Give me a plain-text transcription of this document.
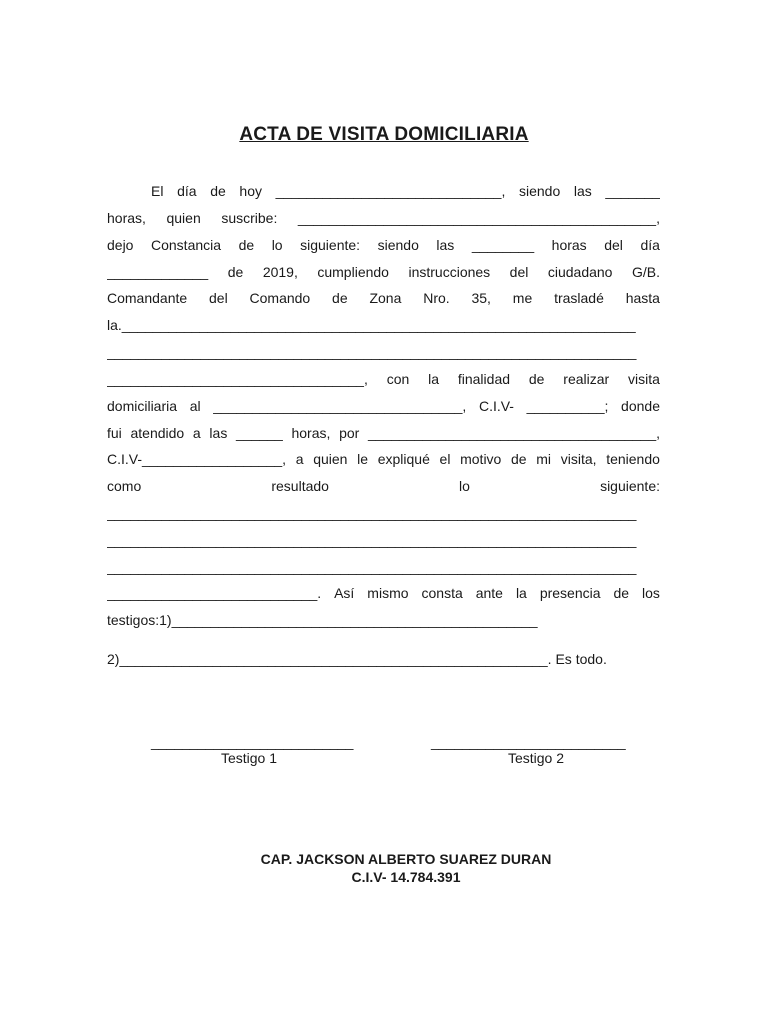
ACTA DE VISITA DOMICILIARIA
El día de hoy _____________________________, siendo las _______
horas, quien suscribe: ______________________________________________,
dejo Constancia de lo siguiente: siendo las ________ horas del día
_____________ de 2019, cumpliendo instrucciones del ciudadano G/B.
Comandante del Comando de Zona Nro. 35, me trasladé hasta
la.__________________________________________________________________
____________________________________________________________________
_________________________________, con la finalidad de realizar visita
domiciliaria al ________________________________, C.I.V- __________; donde
fui atendido a las ______ horas, por _____________________________________,
C.I.V-__________________, a quien le expliqué el motivo de mi visita, teniendo
como	resultado	lo	siguiente:
____________________________________________________________________
____________________________________________________________________
____________________________________________________________________
___________________________. Así mismo consta ante la presencia de los
testigos:1)_______________________________________________
2)_______________________________________________________. Es todo.
__________________________
Testigo 1
_________________________
Testigo 2
CAP. JACKSON ALBERTO SUAREZ DURAN
C.I.V- 14.784.391
